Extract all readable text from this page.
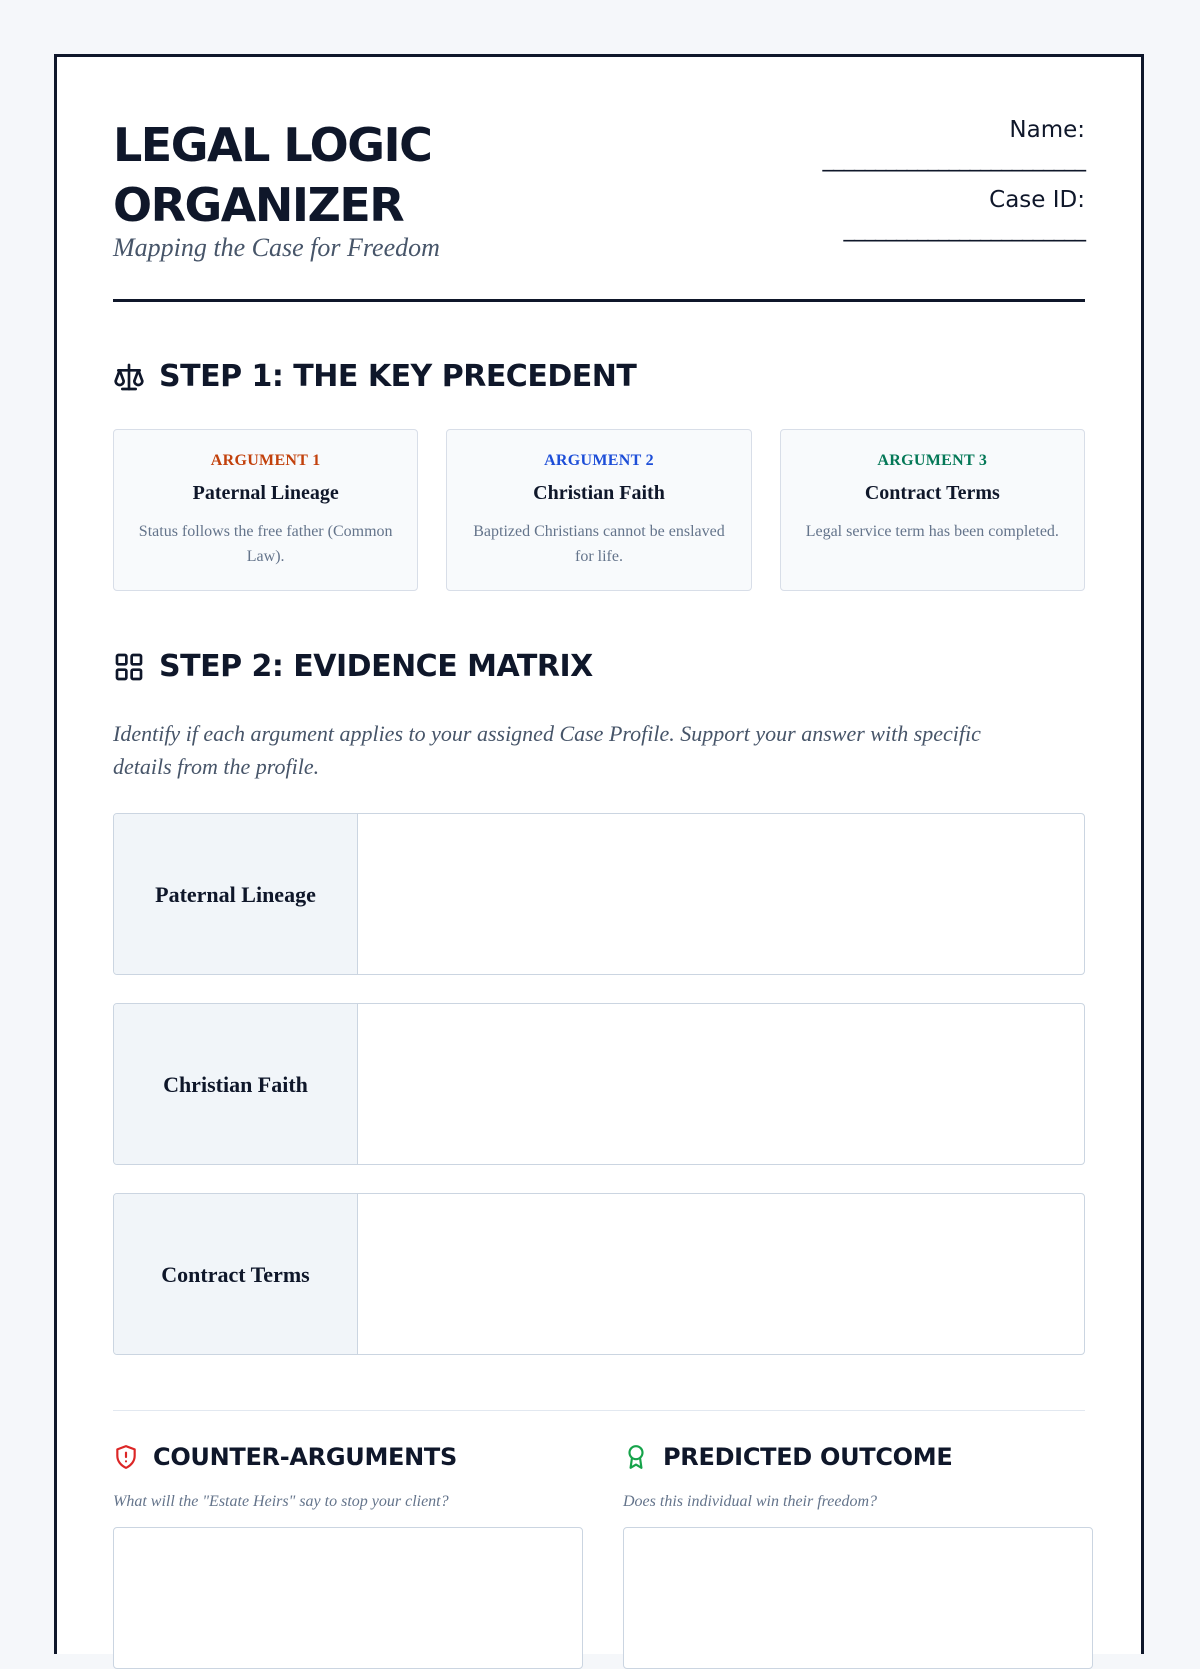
LEGAL LOGIC ORGANIZER
Mapping the Case for Freedom
Name:
_________________________
Case ID:
_______________________
STEP 1: THE KEY PRECEDENT
ARGUMENT 1
Paternal Lineage
Status follows the free father (Common Law).
ARGUMENT 2
Christian Faith
Baptized Christians cannot be enslaved for life.
ARGUMENT 3
Contract Terms
Legal service term has been completed.
STEP 2: EVIDENCE MATRIX
Identify if each argument applies to your assigned Case Profile. Support your answer with specific details from the profile.
Paternal Lineage
Christian Faith
Contract Terms
COUNTER-ARGUMENTS
What will the "Estate Heirs" say to stop your client?
PREDICTED OUTCOME
Does this individual win their freedom?
